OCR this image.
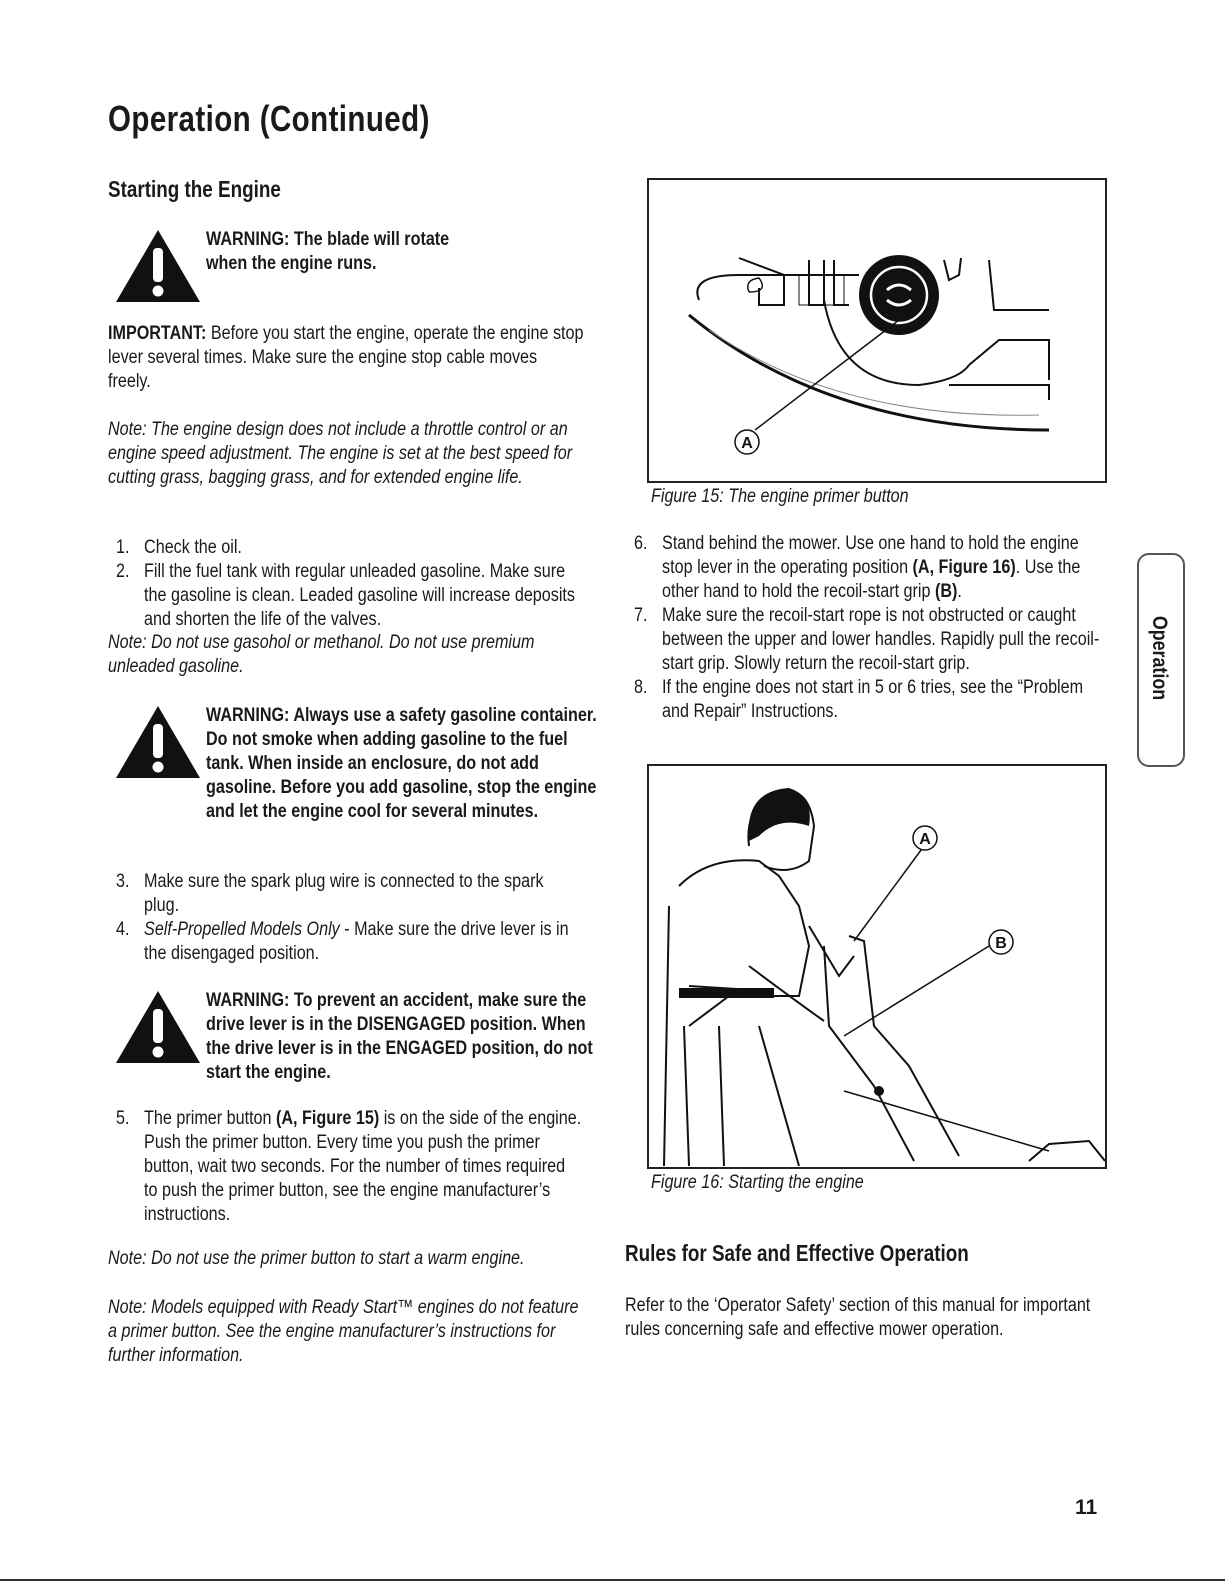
Operation (Continued)
Starting the Engine
WARNING: The blade will rotate when the engine runs.
IMPORTANT: Before you start the engine, operate the engine stop lever several times. Make sure the engine stop cable moves freely.
Note: The engine design does not include a throttle control or an engine speed adjustment. The engine is set at the best speed for cutting grass, bagging grass, and for extended engine life.
1. Check the oil.
2. Fill the fuel tank with regular unleaded gasoline. Make sure the gasoline is clean. Leaded gasoline will increase deposits and shorten the life of the valves.
Note: Do not use gasohol or methanol. Do not use premium unleaded gasoline.
WARNING: Always use a safety gasoline container. Do not smoke when adding gasoline to the fuel tank. When inside an enclosure, do not add gasoline. Before you add gasoline, stop the engine and let the engine cool for several minutes.
3. Make sure the spark plug wire is connected to the spark plug.
4. Self-Propelled Models Only - Make sure the drive lever is in the disengaged position.
WARNING: To prevent an accident, make sure the drive lever is in the DISENGAGED position. When the drive lever is in the ENGAGED position, do not start the engine.
5. The primer button (A, Figure 15) is on the side of the engine. Push the primer button. Every time you push the primer button, wait two seconds. For the number of times required to push the primer button, see the engine manufacturer’s instructions.
Note: Do not use the primer button to start a warm engine.
Note: Models equipped with Ready Start™ engines do not feature a primer button. See the engine manufacturer’s instructions for further information.
A
Figure 15: The engine primer button
6. Stand behind the mower. Use one hand to hold the engine stop lever in the operating position (A, Figure 16). Use the other hand to hold the recoil-start grip (B).
7. Make sure the recoil-start rope is not obstructed or caught between the upper and lower handles. Rapidly pull the recoil-start grip. Slowly return the recoil-start grip.
8. If the engine does not start in 5 or 6 tries, see the “Problem and Repair” Instructions.
A
B
Figure 16: Starting the engine
Rules for Safe and Effective Operation
Refer to the ‘Operator Safety’ section of this manual for important rules concerning safe and effective mower operation.
Operation
11
